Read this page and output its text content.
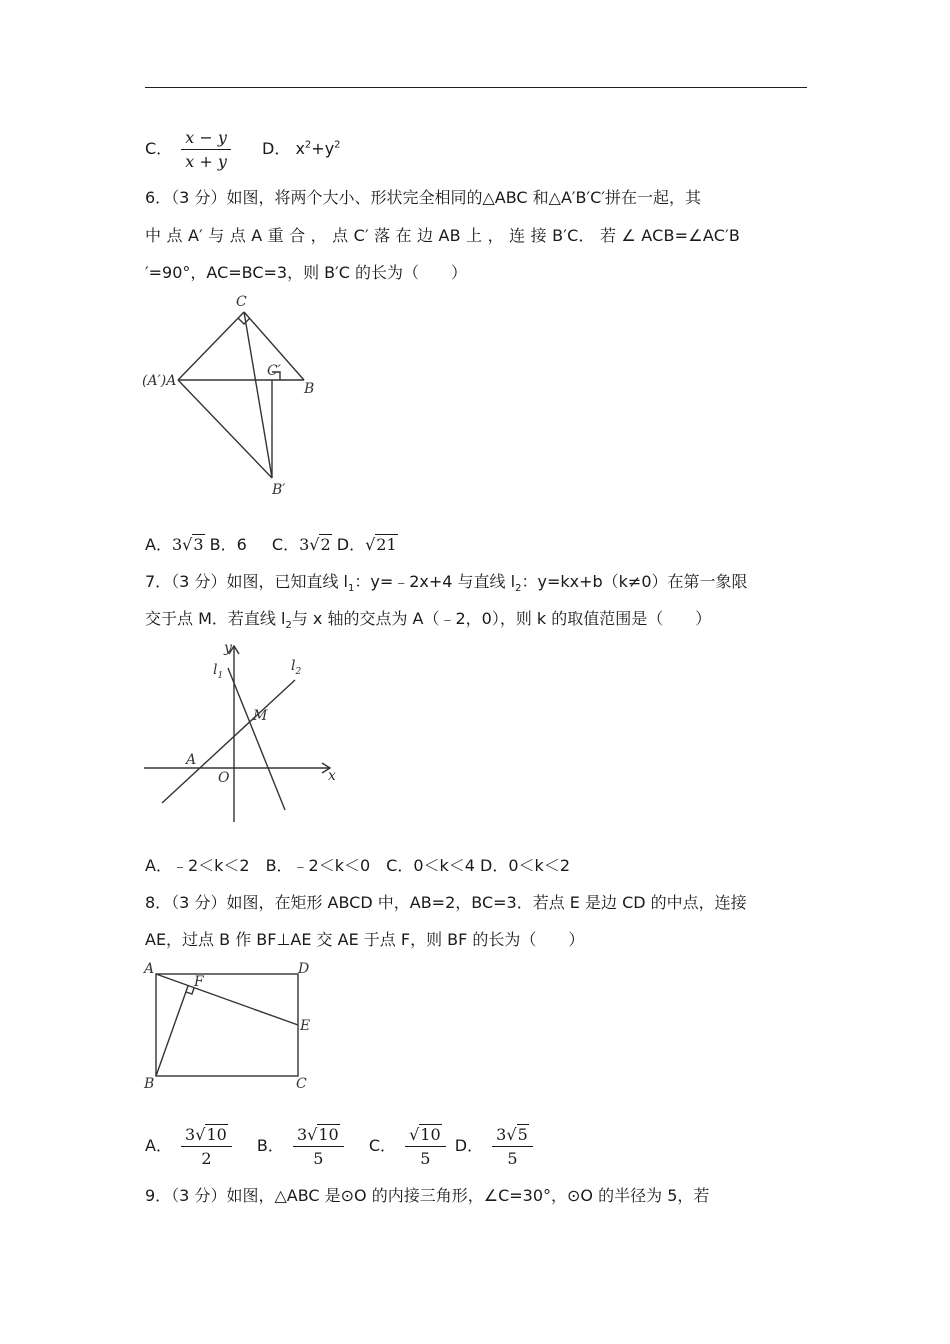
C． $\frac{x - y}{x + y}$ D． $x^2+y^2$
6．（3 分）如图，将两个大小、形状完全相同的△ABC 和△A′B′C′拼在一起，其
中 点 A′ 与 点 A 重 合 ， 点 C′ 落 在 边 AB 上 ， 连 接 B′C． 若 ∠ ACB=∠AC′B
′=90°，AC=BC=3，则 B′C 的长为（　　）
C
C′
(A′)A	B
B′
A．3√3 B．6 C．3√2 D．√21
7．（3 分）如图，已知直线 $l_1$：y=﹣2x+4 与直线 $l_2$：y=kx+b（k≠0）在第一象限
交于点 M．若直线 $l_2$与 x 轴的交点为 A（﹣2，0），则 k 的取值范围是（　　）
y
x
$l_1$
$l_2$
M
A
O
A．﹣2＜k＜2　B．﹣2＜k＜0　C．0＜k＜4 D．0＜k＜2
8．（3 分）如图，在矩形 ABCD 中，AB=2，BC=3．若点 E 是边 CD 的中点，连接
AE，过点 B 作 BF⊥AE 交 AE 于点 F，则 BF 的长为（　　）
A	D
F
E
B	C
A． $\frac{3√10}{2}$ B． $\frac{3√10}{5}$ C． $\frac{√10}{5}$ D． $\frac{3√5}{5}$
9．（3 分）如图，△ABC 是⊙O 的内接三角形，∠C=30°，⊙O 的半径为 5，若
